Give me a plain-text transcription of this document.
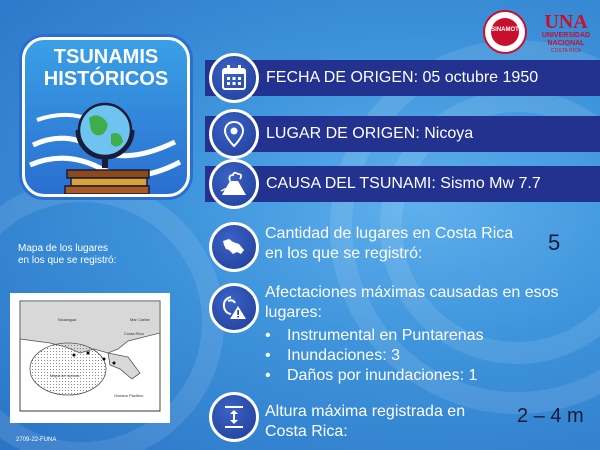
SINAMOT	UNA
UNIVERSIDAD
NACIONAL
COSTA RICA
TSUNAMIS
HISTÓRICOS	FECHA DE ORIGEN: 05 octubre 1950
LUGAR DE ORIGEN: Nicoya
CAUSA DEL TSUNAMI: Sismo Mw 7.7
Cantidad de lugares en Costa Rica
en los que se registró:	5
Afectaciones máximas causadas en esos
lugares:
• Instrumental en Puntarenas
• Inundaciones: 3
• Daños por inundaciones: 1
Altura máxima registrada en
Costa Rica:
2 – 4 m
Mapa de los lugares
en los que se registró:
Nicaragua
Costa Rica
Mar Caribe
Mapa de ruptura
Océano Pacífico
2709-22-FUNA
